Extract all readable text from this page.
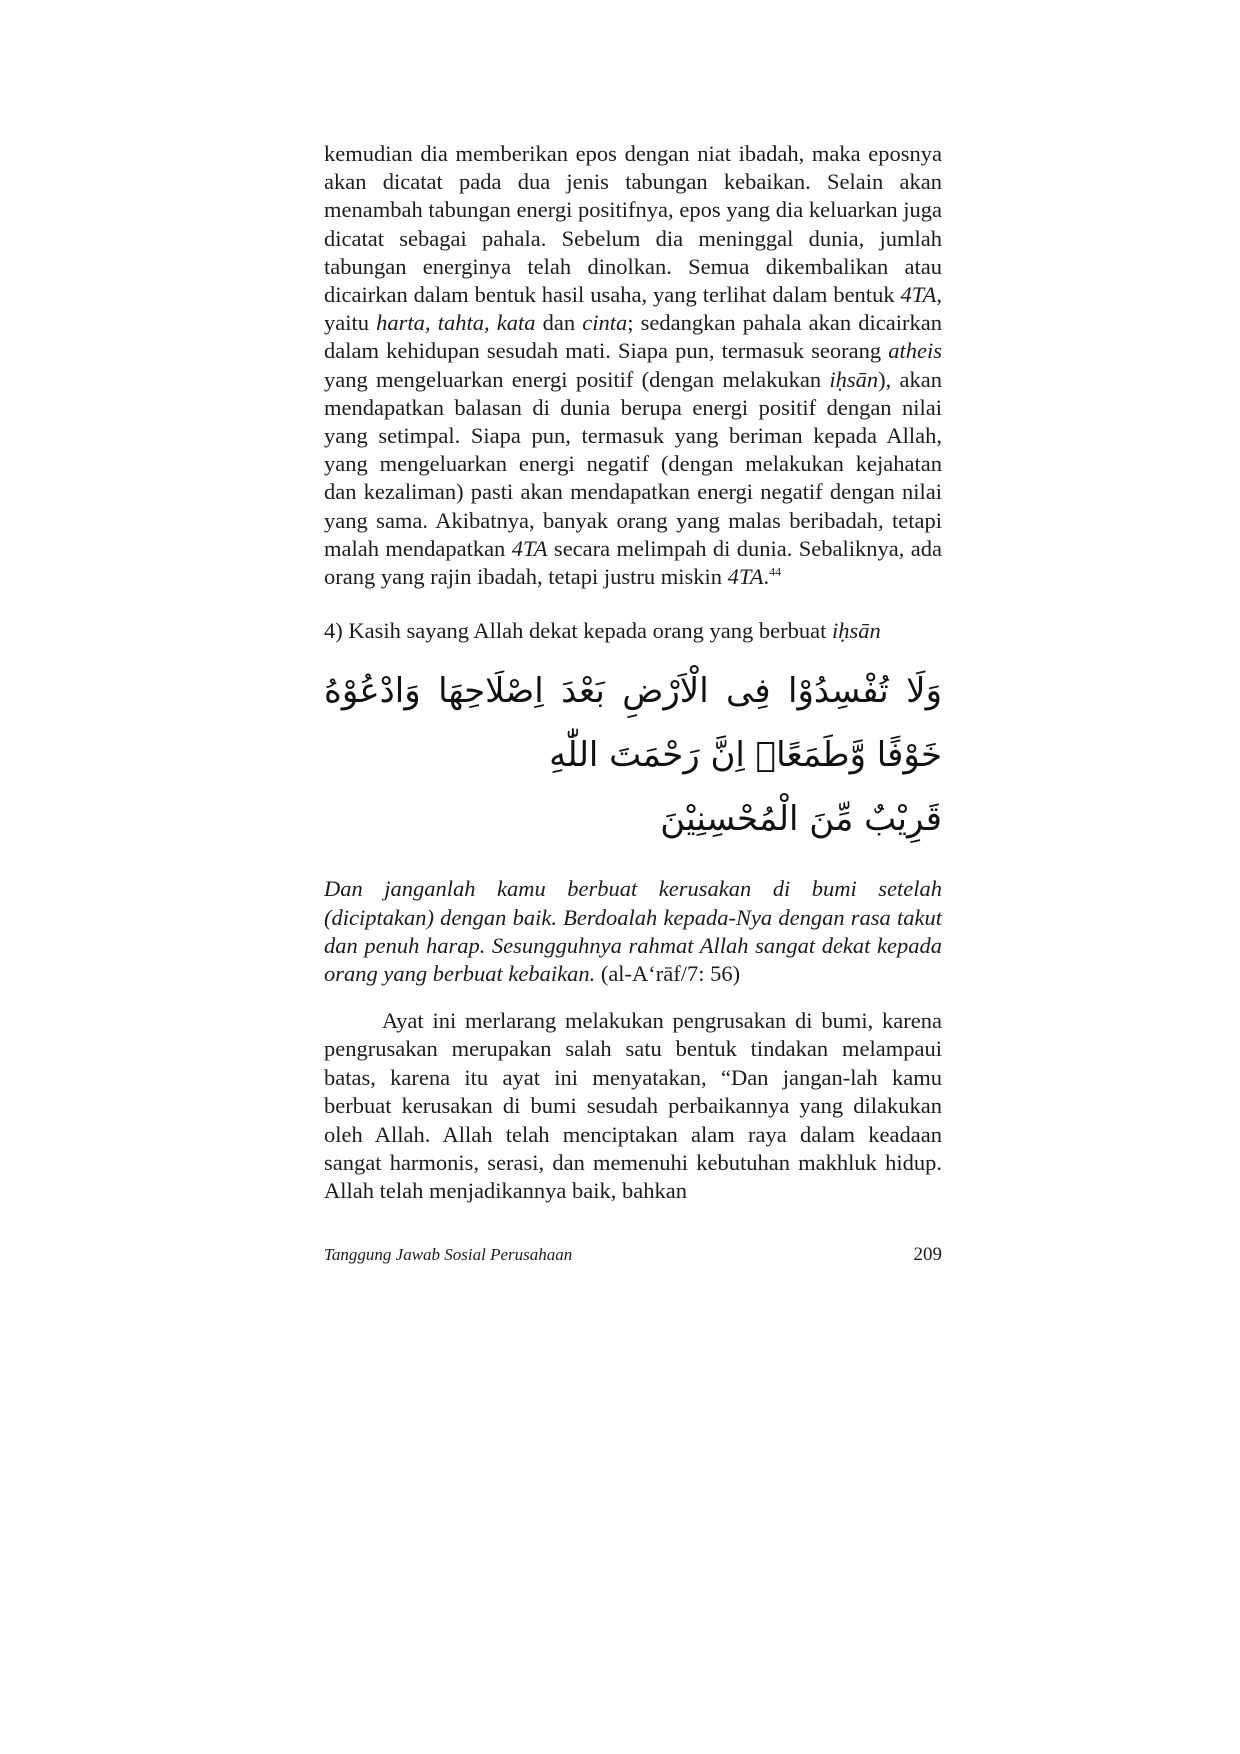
kemudian dia memberikan epos dengan niat ibadah, maka eposnya akan dicatat pada dua jenis tabungan kebaikan. Selain akan menambah tabungan energi positifnya, epos yang dia keluarkan juga dicatat sebagai pahala. Sebelum dia meninggal dunia, jumlah tabungan energinya telah dinolkan. Semua dikembalikan atau dicairkan dalam bentuk hasil usaha, yang terlihat dalam bentuk 4TA, yaitu harta, tahta, kata dan cinta; sedangkan pahala akan dicairkan dalam kehidupan sesudah mati. Siapa pun, termasuk seorang atheis yang mengeluarkan energi positif (dengan melakukan iḥsān), akan mendapatkan balasan di dunia berupa energi positif dengan nilai yang setimpal. Siapa pun, termasuk yang beriman kepada Allah, yang mengeluarkan energi negatif (dengan melakukan kejahatan dan kezaliman) pasti akan mendapatkan energi negatif dengan nilai yang sama. Akibatnya, banyak orang yang malas beribadah, tetapi malah mendapatkan 4TA secara melimpah di dunia. Sebaliknya, ada orang yang rajin ibadah, tetapi justru miskin 4TA.$^{44}$

4) Kasih sayang Allah dekat kepada orang yang berbuat iḥsān

وَلَا تُفْسِدُوْا فِى الْاَرْضِ بَعْدَ اِصْلَاحِهَا وَادْعُوْهُ خَوْفًا وَّطَمَعًاۗ اِنَّ رَحْمَتَ اللّٰهِ
قَرِيْبٌ مِّنَ الْمُحْسِنِيْنَ

Dan janganlah kamu berbuat kerusakan di bumi setelah (diciptakan) dengan baik. Berdoalah kepada-Nya dengan rasa takut dan penuh harap. Sesungguhnya rahmat Allah sangat dekat kepada orang yang berbuat kebaikan. (al-A‘rāf/7: 56)

Ayat ini merlarang melakukan pengrusakan di bumi, karena pengrusakan merupakan salah satu bentuk tindakan melampaui batas, karena itu ayat ini menyatakan, “Dan jangan-lah kamu berbuat kerusakan di bumi sesudah perbaikannya yang dilakukan oleh Allah. Allah telah menciptakan alam raya dalam keadaan sangat harmonis, serasi, dan memenuhi kebutuhan makhluk hidup. Allah telah menjadikannya baik, bahkan

Tanggung Jawab Sosial Perusahaan	209
